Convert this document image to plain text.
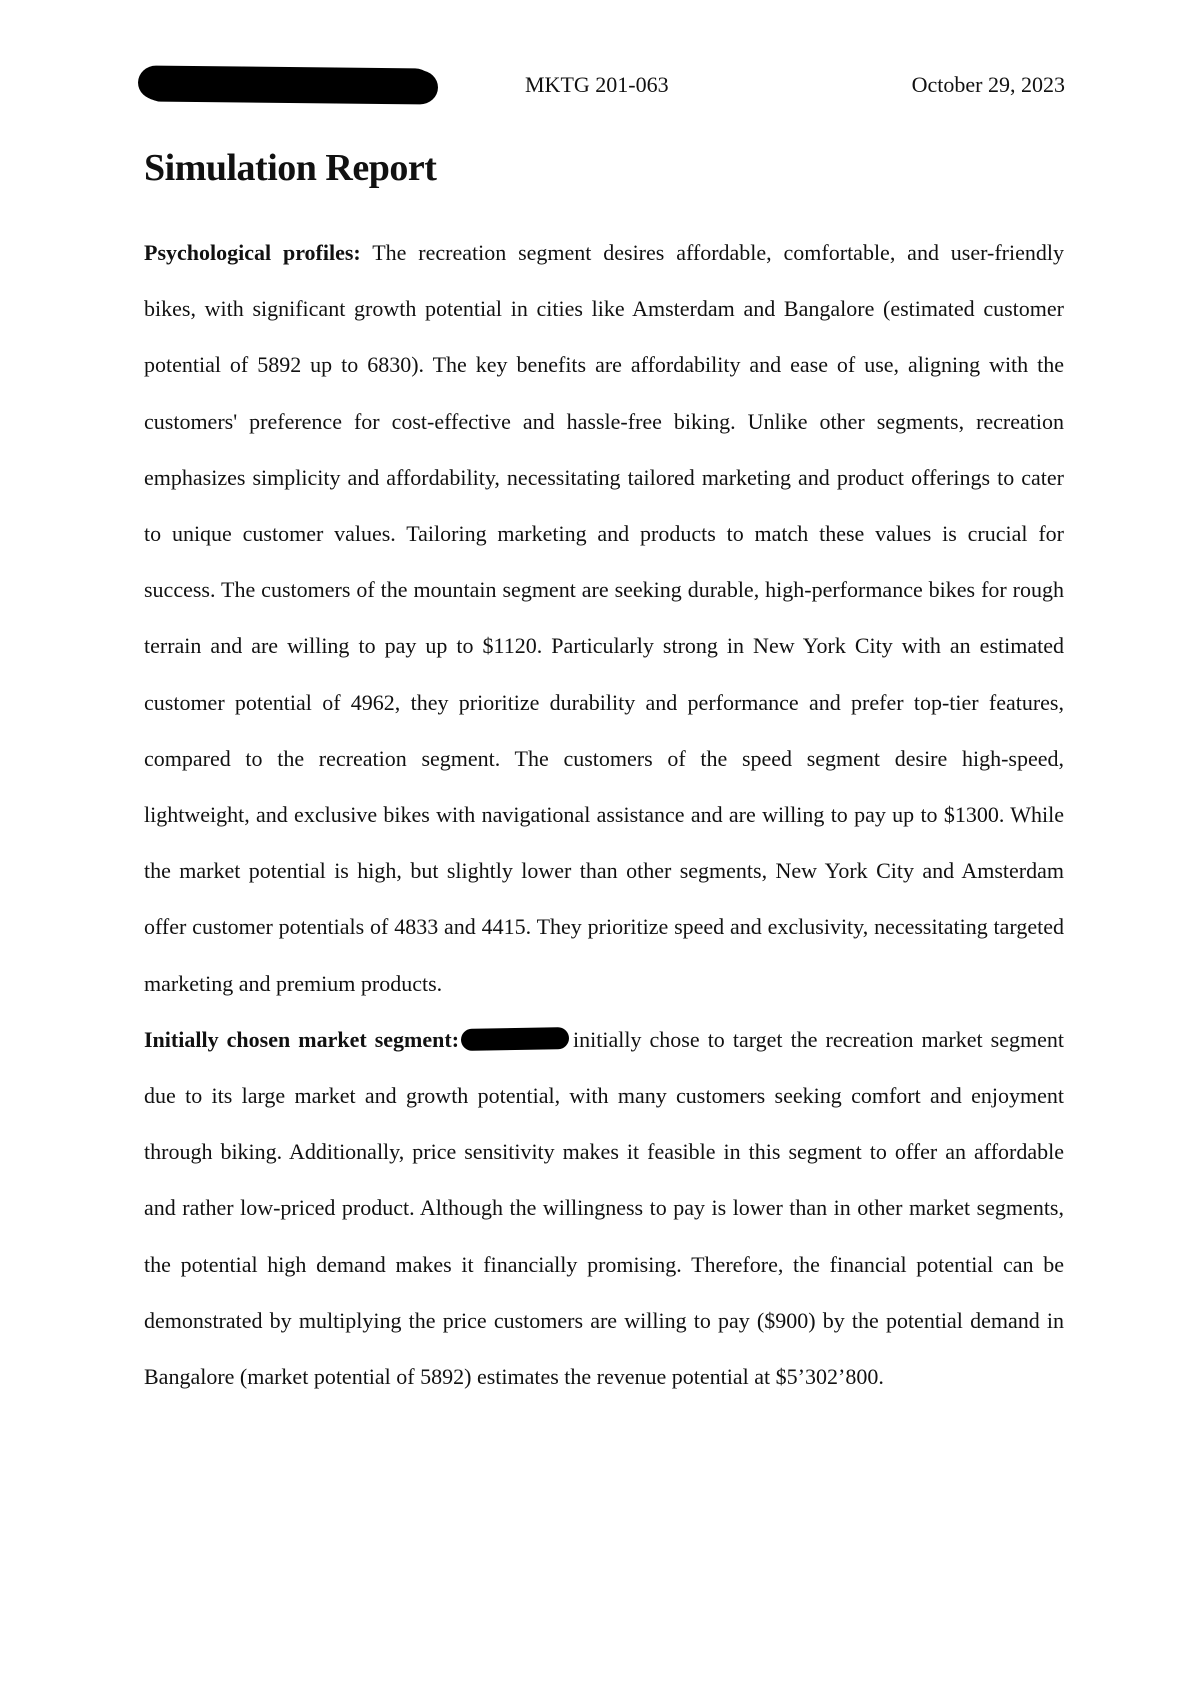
MKTG 201-063	October 29, 2023
Simulation Report

Psychological profiles: The recreation segment desires affordable, comfortable, and user-friendly bikes, with significant growth potential in cities like Amsterdam and Bangalore (estimated customer potential of 5892 up to 6830). The key benefits are affordability and ease of use, aligning with the customers' preference for cost-effective and hassle-free biking. Unlike other segments, recreation emphasizes simplicity and affordability, necessitating tailored marketing and product offerings to cater to unique customer values. Tailoring marketing and products to match these values is crucial for success. The customers of the mountain segment are seeking durable, high-performance bikes for rough terrain and are willing to pay up to $1120. Particularly strong in New York City with an estimated customer potential of 4962, they prioritize durability and performance and prefer top-tier features, compared to the recreation segment. The customers of the speed segment desire high-speed, lightweight, and exclusive bikes with navigational assistance and are willing to pay up to $1300. While the market potential is high, but slightly lower than other segments, New York City and Amsterdam offer customer potentials of 4833 and 4415. They prioritize speed and exclusivity, necessitating targeted marketing and premium products.

Initially chosen market segment:	initially chose to target the recreation market segment due to its large market and growth potential, with many customers seeking comfort and enjoyment through biking. Additionally, price sensitivity makes it feasible in this segment to offer an affordable and rather low-priced product. Although the willingness to pay is lower than in other market segments, the potential high demand makes it financially promising. Therefore, the financial potential can be demonstrated by multiplying the price customers are willing to pay ($900) by the potential demand in Bangalore (market potential of 5892) estimates the revenue potential at $5’302’800.
